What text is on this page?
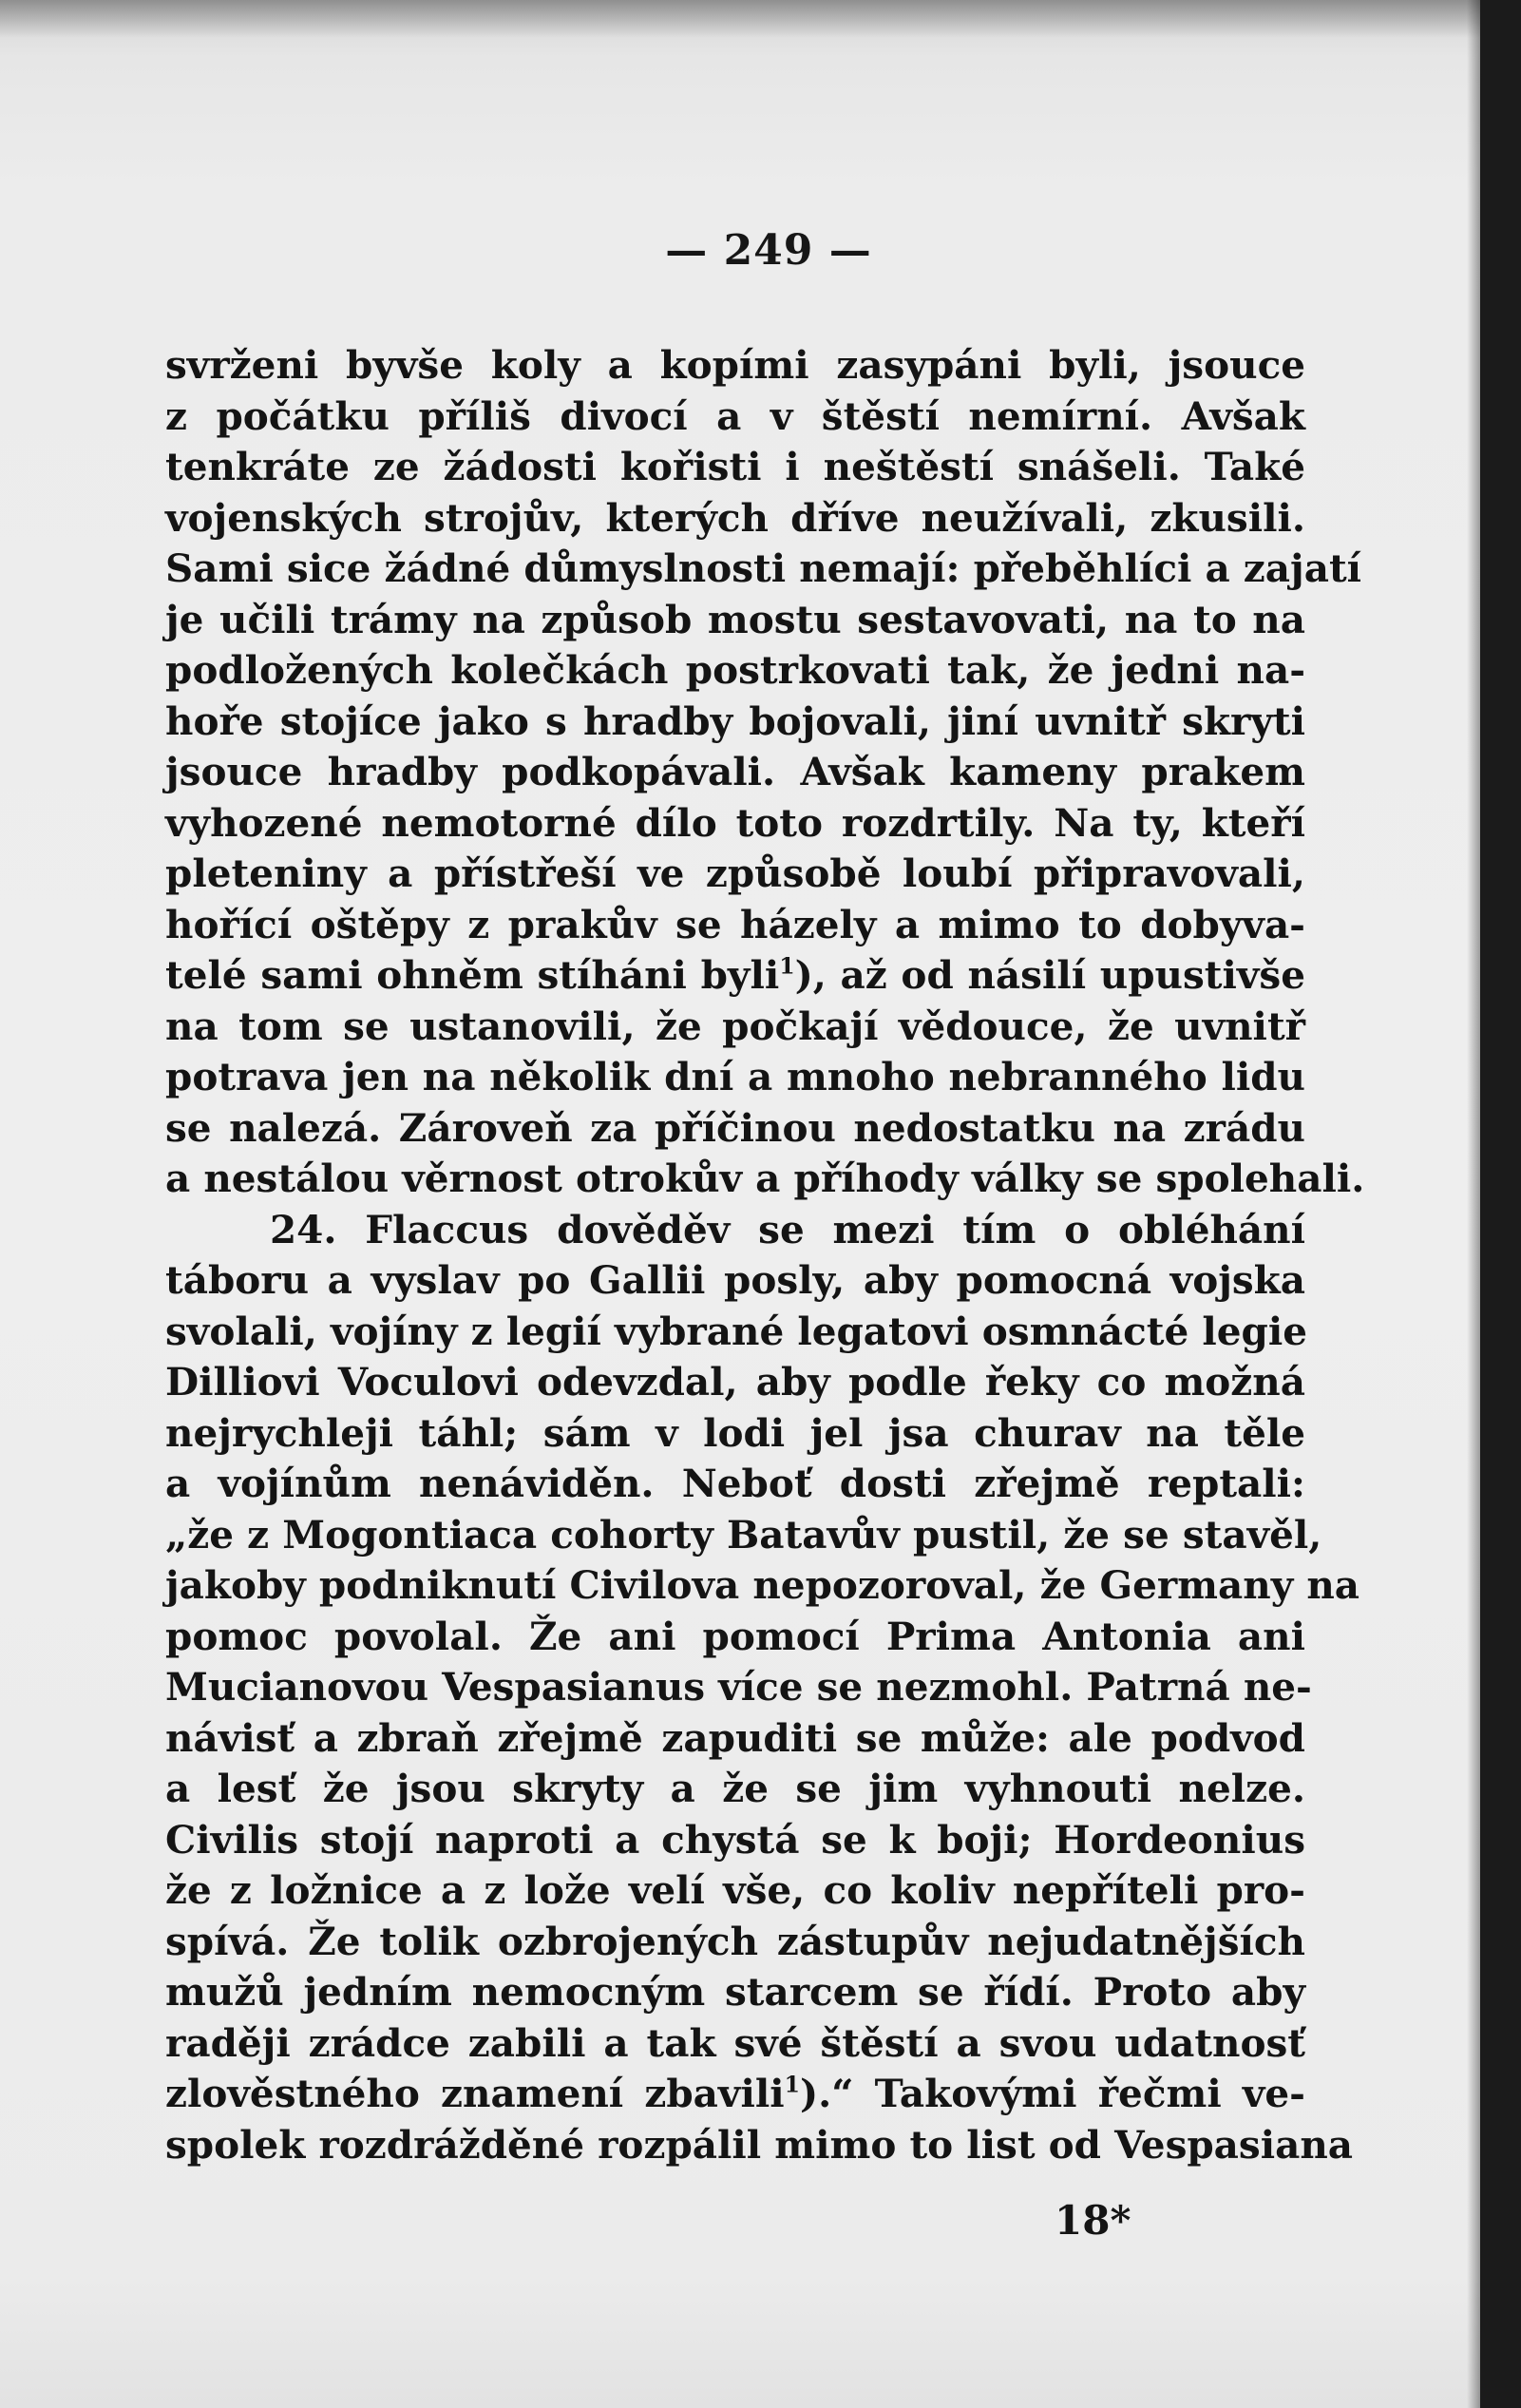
— 249 —
svrženi byvše koly a kopími zasypáni byli, jsouce
z počátku příliš divocí a v štěstí nemírní. Avšak
tenkráte ze žádosti kořisti i neštěstí snášeli. Také
vojenských strojův, kterých dříve neužívali, zkusili.
Sami sice žádné důmyslnosti nemají: přeběhlíci a zajatí
je učili trámy na způsob mostu sestavovati, na to na
podložených kolečkách postrkovati tak, že jedni na-
hoře stojíce jako s hradby bojovali, jiní uvnitř skryti
jsouce hradby podkopávali. Avšak kameny prakem
vyhozené nemotorné dílo toto rozdrtily. Na ty, kteří
pleteniny a přístřeší ve způsobě loubí připravovali,
hořící oštěpy z prakův se házely a mimo to dobyva-
telé sami ohněm stíháni byli$^1$), až od násilí upustivše
na tom se ustanovili, že počkají vědouce, že uvnitř
potrava jen na několik dní a mnoho nebranného lidu
se nalezá. Zároveň za příčinou nedostatku na zrádu
a nestálou věrnost otrokův a příhody války se spolehali.
24. Flaccus dověděv se mezi tím o obléhání
táboru a vyslav po Gallii posly, aby pomocná vojska
svolali, vojíny z legií vybrané legatovi osmnácté legie
Dilliovi Voculovi odevzdal, aby podle řeky co možná
nejrychleji táhl; sám v lodi jel jsa churav na těle
a vojínům nenáviděn. Neboť dosti zřejmě reptali:
„že z Mogontiaca cohorty Batavův pustil, že se stavěl,
jakoby podniknutí Civilova nepozoroval, že Germany na
pomoc povolal. Že ani pomocí Prima Antonia ani
Mucianovou Vespasianus více se nezmohl. Patrná ne-
návisť a zbraň zřejmě zapuditi se může: ale podvod
a lesť že jsou skryty a že se jim vyhnouti nelze.
Civilis stojí naproti a chystá se k boji; Hordeonius
že z ložnice a z lože velí vše, co koliv nepříteli pro-
spívá. Že tolik ozbrojených zástupův nejudatnějších
mužů jedním nemocným starcem se řídí. Proto aby
raději zrádce zabili a tak své štěstí a svou udatnosť
zlověstného znamení zbavili$^1$).“ Takovými řečmi ve-
spolek rozdrážděné rozpálil mimo to list od Vespasiana
18*
